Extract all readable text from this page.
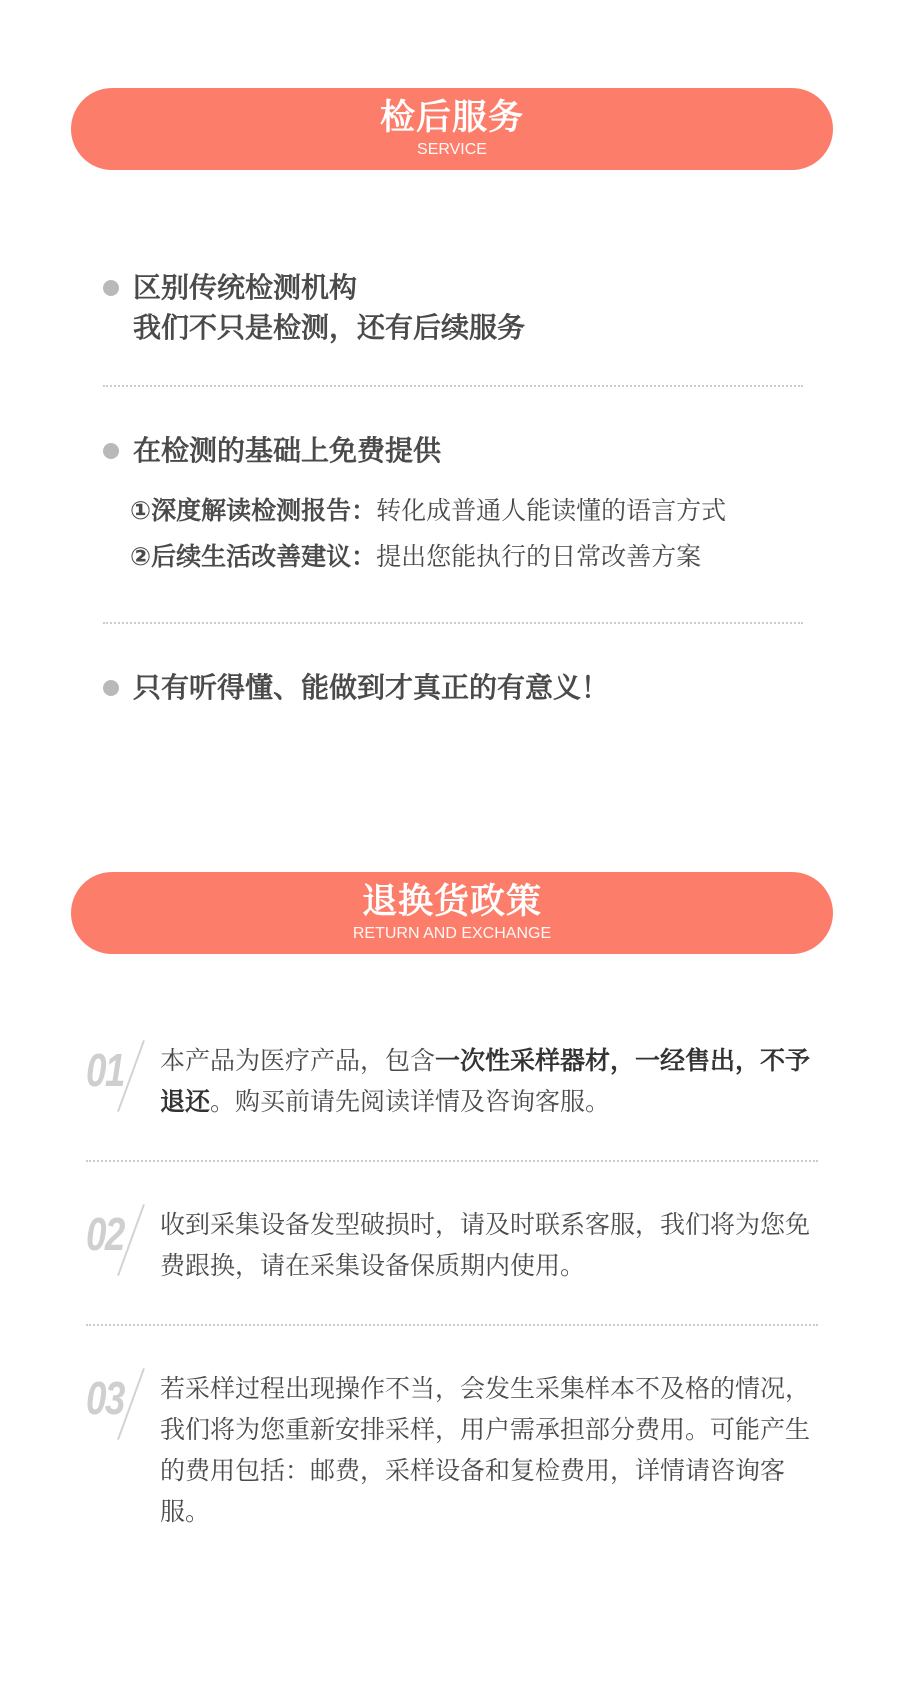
检后服务
SERVICE
区别传统检测机构
我们不只是检测，还有后续服务
在检测的基础上免费提供
①深度解读检测报告：转化成普通人能读懂的语言方式
②后续生活改善建议：提出您能执行的日常改善方案
只有听得懂、能做到才真正的有意义！
退换货政策
RETURN AND EXCHANGE
01	本产品为医疗产品，包含一次性采样器材，一经售出，不予退还。购买前请先阅读详情及咨询客服。
02	收到采集设备发型破损时，请及时联系客服，我们将为您免费跟换，请在采集设备保质期内使用。
03	若采样过程出现操作不当，会发生采集样本不及格的情况，我们将为您重新安排采样，用户需承担部分费用。可能产生的费用包括：邮费，采样设备和复检费用，详情请咨询客服。
